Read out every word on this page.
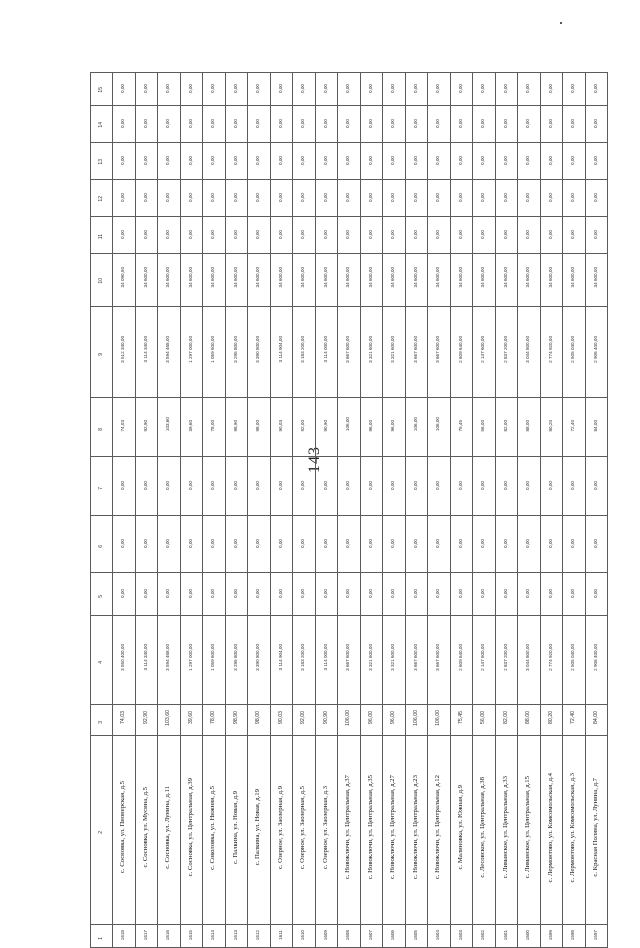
143
15	0,00	0,00	0,00	0,00	0,00	0,00	0,00	0,00	0,00	0,00	0,00	0,00	0,00	0,00	0,00	0,00	0,00	0,00	0,00	0,00	0,00	0,00
14	0,00	0,00	0,00	0,00	0,00	0,00	0,00	0,00	0,00	0,00	0,00	0,00	0,00	0,00	0,00	0,00	0,00	0,00	0,00	0,00	0,00	0,00
13	0,00	0,00	0,00	0,00	0,00	0,00	0,00	0,00	0,00	0,00	0,00	0,00	0,00	0,00	0,00	0,00	0,00	0,00	0,00	0,00	0,00	0,00
12	0,00	0,00	0,00	0,00	0,00	0,00	0,00	0,00	0,00	0,00	0,00	0,00	0,00	0,00	0,00	0,00	0,00	0,00	0,00	0,00	0,00	0,00
11	0,00	0,00	0,00	0,00	0,00	0,00	0,00	0,00	0,00	0,00	0,00	0,00	0,00	0,00	0,00	0,00	0,00	0,00	0,00	0,00	0,00	0,00
10	34 090,50	34 600,00	34 600,00	34 600,00	34 600,00	34 600,00	34 600,00	34 600,00	34 600,00	34 600,00	34 600,00	34 600,00	34 600,00	34 600,00	34 600,00	34 600,00	34 600,00	34 600,00	34 600,00	34 600,00	34 600,00	34 600,00
9	3 512 340,00	3 114 340,00	3 594 468,00	1 297 000,00	1 059 600,00	3 295 800,00	3 390 800,00	3 114 904,00	3 183 200,00	3 114 000,00	3 667 600,00	3 321 600,00	3 321 600,00	3 667 600,00	3 667 600,00	2 609 640,00	2 147 600,00	2 837 200,00	3 044 800,00	2 774 920,00	2 505 040,00	2 906 400,00
8	74,03	92,90	103,60	39,60	78,00	98,90	98,00	90,03	92,00	90,90	106,00	96,00	96,00	106,00	106,00	75,45	56,00	82,00	88,00	80,20	72,40	84,00
7	0,00	0,00	0,00	0,00	0,00	0,00	0,00	0,00	0,00	0,00	0,00	0,00	0,00	0,00	0,00	0,00	0,00	0,00	0,00	0,00	0,00	0,00
6	0,00	0,00	0,00	0,00	0,00	0,00	0,00	0,00	0,00	0,00	0,00	0,00	0,00	0,00	0,00	0,00	0,00	0,00	0,00	0,00	0,00	0,00
5	0,00	0,00	0,00	0,00	0,00	0,00	0,00	0,00	0,00	0,00	0,00	0,00	0,00	0,00	0,00	0,00	0,00	0,00	0,00	0,00	0,00	0,00
4	3 550 400,00	3 114 340,00	3 594 468,00	1 297 000,00	1 059 600,00	3 295 800,00	3 390 800,00	3 114 904,00	3 183 200,00	3 114 000,00	3 667 600,00	3 321 600,00	3 321 600,00	3 667 600,00	3 667 600,00	2 609 640,00	2 147 600,00	2 837 200,00	3 044 800,00	2 774 920,00	2 505 040,00	2 906 400,00
3	74,03	92,90	103,60	39,60	78,00	98,90	98,00	90,03	92,00	90,90	106,00	96,00	96,00	106,00	106,00	75,45	56,00	82,00	88,00	80,20	72,40	84,00
2	с. Сосновка, ул. Пионерская, д.5	с. Сосновка, ул. Мусина, д.5	с. Сосновка, ул. Лунина, д.11	с. Сосновка, ул. Центральная, д.39	с. Соколовка, ул. Нижняя, д.5	с. Палкина, ул. Новая, д.9	с. Палкина, ул. Новая, д.19	с. Озерное, ул. Заозерная, д.9	с. Озерное, ул. Заозерная, д.5	с. Озерное, ул. Заозерная, д.3	с. Новоключи, ул. Центральная, д.37	с. Новоключи, ул. Центральная, д.35	с. Новоключи, ул. Центральная, д.27	с. Новоключи, ул. Центральная, д.23	с. Новоключи, ул. Центральная, д.12	с. Малиновка, ул. Южная, д.9	с. Лесовское, ул. Центральная, д.38	с. Лиманское, ул. Центральная, д.33	с. Лиманское, ул. Центральная, д.15	с. Лермонтово, ул. Комсомольская, д.4	с. Лермонтово, ул. Комсомольская, д.3	с. Красная Поляна, ул. Лунина, д.7
1	1618	1617	1616	1615	1614	1613	1612	1611	1610	1609	1608	1607	1606	1605	1604	1603	1602	1601	1600	1599	1598	1597
